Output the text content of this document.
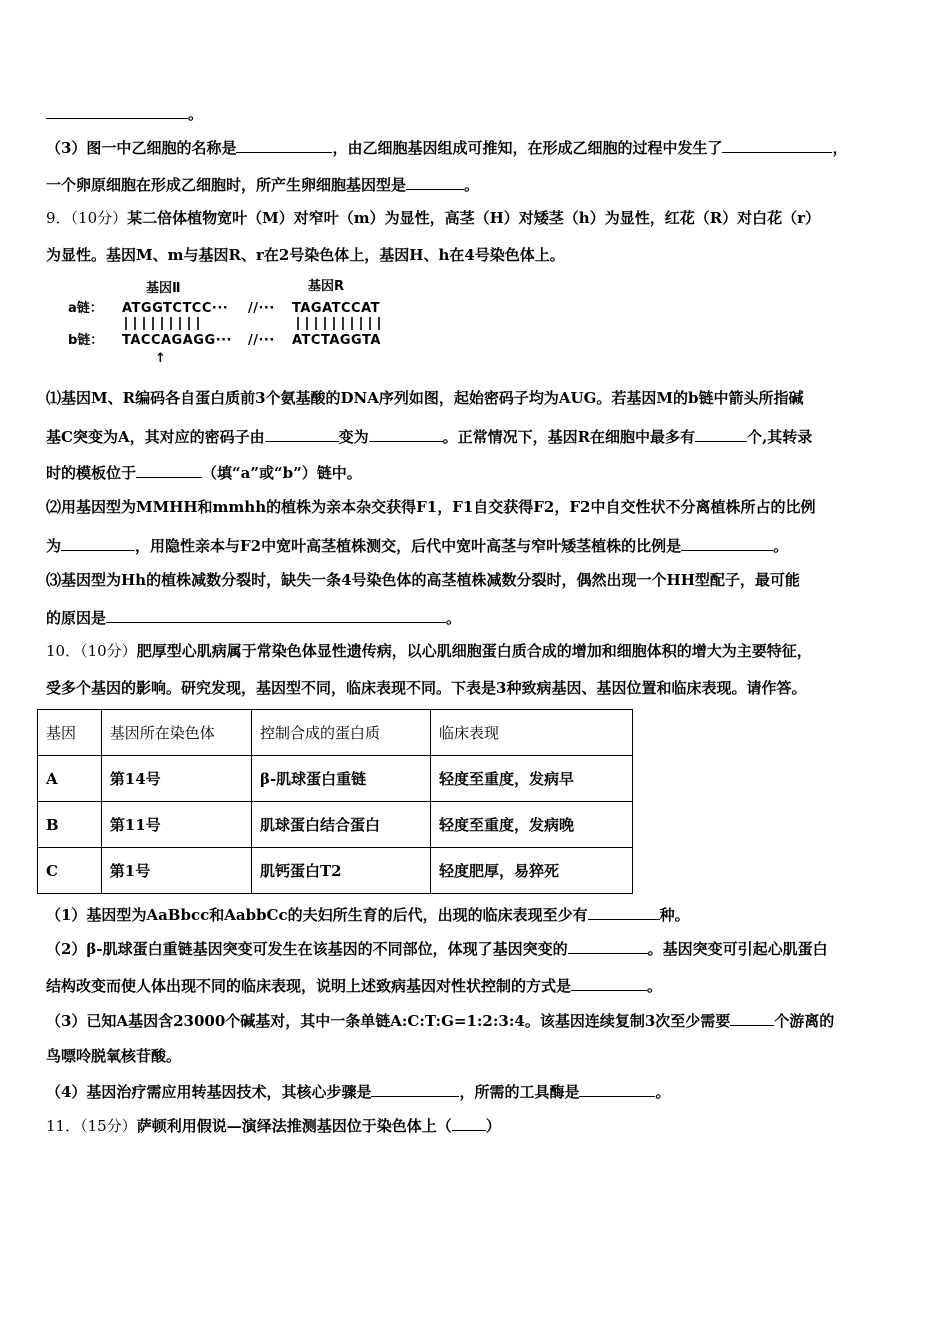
。
（3）图一中乙细胞的名称是	，由乙细胞基因组成可推知，在形成乙细胞的过程中发生了	，
一个卵原细胞在形成乙细胞时，所产生卵细胞基因型是	。
9．（10分）某二倍体植物宽叶（M）对窄叶（m）为显性，高茎（H）对矮茎（h）为显性，红花（R）对白花（r）
为显性。基因M、m与基因R、r在2号染色体上，基因H、h在4号染色体上。
基因Ⅱ	基因R
a链： ATGGTCTCC··· //··· TAGATCCAT
b链： TACCAGAGG··· //··· ATCTAGGTA
↑
⑴基因M、R编码各自蛋白质前3个氨基酸的DNA序列如图，起始密码子均为AUG。若基因M的b链中箭头所指碱
基C突变为A，其对应的密码子由	变为	。正常情况下，基因R在细胞中最多有	个,其转录
时的模板位于	（填“a”或“b”）链中。
⑵用基因型为MMHH和mmhh的植株为亲本杂交获得F1，F1自交获得F2，F2中自交性状不分离植株所占的比例
为	，用隐性亲本与F2中宽叶高茎植株测交，后代中宽叶高茎与窄叶矮茎植株的比例是	。
⑶基因型为Hh的植株减数分裂时，缺失一条4号染色体的高茎植株减数分裂时，偶然出现一个HH型配子，最可能
的原因是	。
10．（10分）肥厚型心肌病属于常染色体显性遗传病，以心肌细胞蛋白质合成的增加和细胞体积的增大为主要特征，
受多个基因的影响。研究发现，基因型不同，临床表现不同。下表是3种致病基因、基因位置和临床表现。请作答。
基因	基因所在染色体	控制合成的蛋白质	临床表现
A	第14号	β-肌球蛋白重链	轻度至重度，发病早
B	第11号	肌球蛋白结合蛋白	轻度至重度，发病晚
C	第1号	肌钙蛋白T2	轻度肥厚，易猝死
（1）基因型为AaBbcc和AabbCc的夫妇所生育的后代，出现的临床表现至少有	种。
（2）β-肌球蛋白重链基因突变可发生在该基因的不同部位，体现了基因突变的	。基因突变可引起心肌蛋白
结构改变而使人体出现不同的临床表现，说明上述致病基因对性状控制的方式是	。
（3）已知A基因含23000个碱基对，其中一条单链A:C:T:G=1:2:3:4。该基因连续复制3次至少需要	个游离的
鸟嘌呤脱氧核苷酸。
（4）基因治疗需应用转基因技术，其核心步骤是	，所需的工具酶是	。
11．（15分）萨顿利用假说—演绎法推测基因位于染色体上（ ）
